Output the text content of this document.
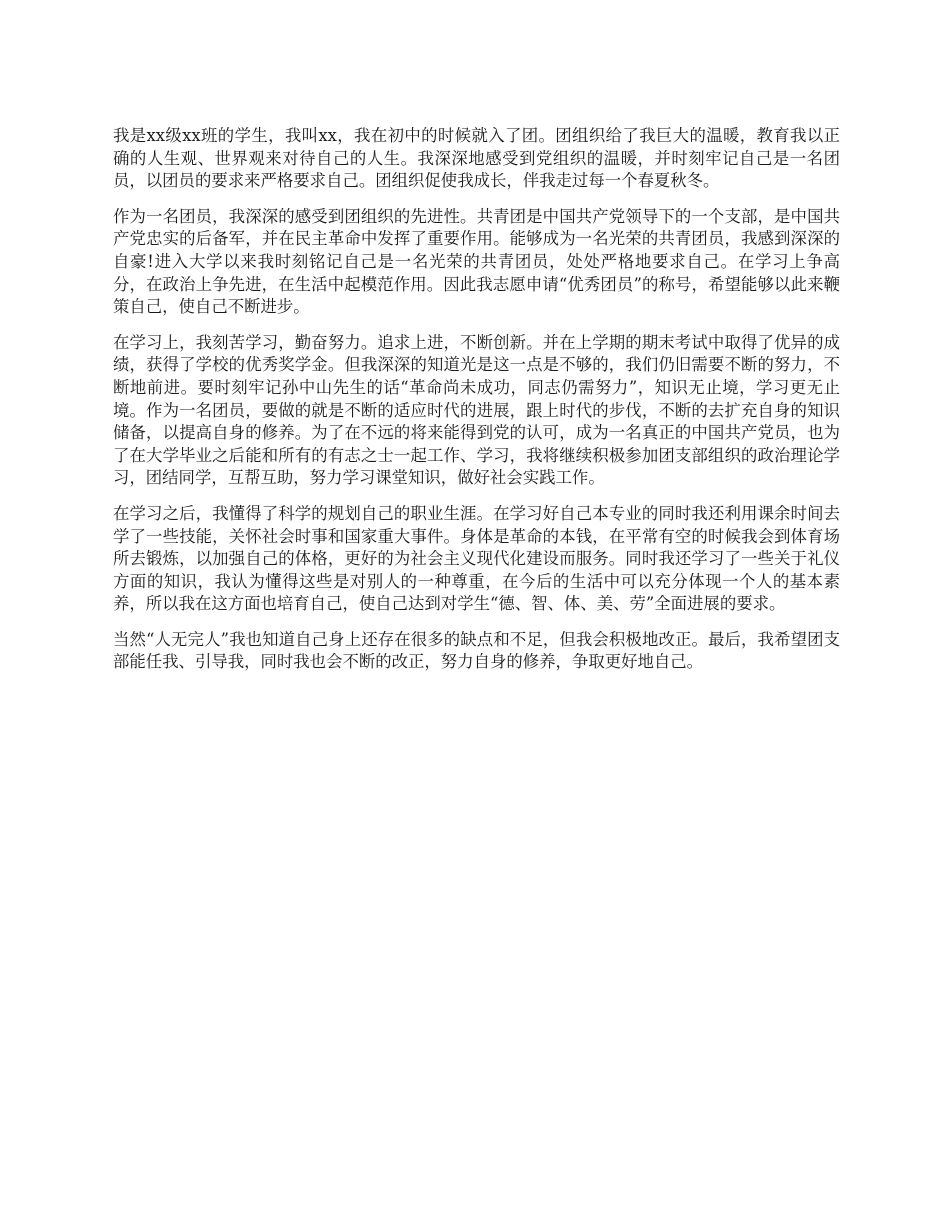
我是xx级xx班的学生，我叫xx，我在初中的时候就入了团。团组织给了我巨大的温暖，教育我以正确的人生观、世界观来对待自己的人生。我深深地感受到党组织的温暖，并时刻牢记自己是一名团员，以团员的要求来严格要求自己。团组织促使我成长，伴我走过每一个春夏秋冬。

作为一名团员，我深深的感受到团组织的先进性。共青团是中国共产党领导下的一个支部，是中国共产党忠实的后备军，并在民主革命中发挥了重要作用。能够成为一名光荣的共青团员，我感到深深的自豪!进入大学以来我时刻铭记自己是一名光荣的共青团员，处处严格地要求自己。在学习上争高分，在政治上争先进，在生活中起模范作用。因此我志愿申请“优秀团员”的称号，希望能够以此来鞭策自己，使自己不断进步。

在学习上，我刻苦学习，勤奋努力。追求上进，不断创新。并在上学期的期末考试中取得了优异的成绩，获得了学校的优秀奖学金。但我深深的知道光是这一点是不够的，我们仍旧需要不断的努力，不断地前进。要时刻牢记孙中山先生的话“革命尚未成功，同志仍需努力”，知识无止境，学习更无止境。作为一名团员，要做的就是不断的适应时代的进展，跟上时代的步伐，不断的去扩充自身的知识储备，以提高自身的修养。为了在不远的将来能得到党的认可，成为一名真正的中国共产党员，也为了在大学毕业之后能和所有的有志之士一起工作、学习，我将继续积极参加团支部组织的政治理论学习，团结同学，互帮互助，努力学习课堂知识，做好社会实践工作。

在学习之后，我懂得了科学的规划自己的职业生涯。在学习好自己本专业的同时我还利用课余时间去学了一些技能，关怀社会时事和国家重大事件。身体是革命的本钱，在平常有空的时候我会到体育场所去锻炼，以加强自己的体格，更好的为社会主义现代化建设而服务。同时我还学习了一些关于礼仪方面的知识，我认为懂得这些是对别人的一种尊重，在今后的生活中可以充分体现一个人的基本素养，所以我在这方面也培育自己，使自己达到对学生“德、智、体、美、劳”全面进展的要求。

当然“人无完人”我也知道自己身上还存在很多的缺点和不足，但我会积极地改正。最后，我希望团支部能任我、引导我，同时我也会不断的改正，努力自身的修养，争取更好地自己。
